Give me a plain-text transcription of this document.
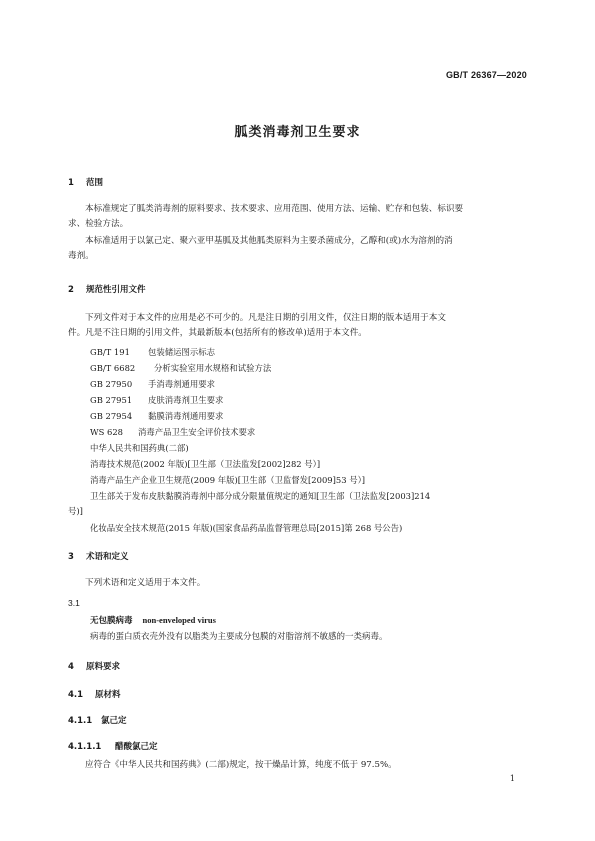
GB/T 26367—2020
胍类消毒剂卫生要求
1 范围
本标准规定了胍类消毒剂的原料要求、技术要求、应用范围、使用方法、运输、贮存和包装、标识要
求、检验方法。
本标准适用于以氯己定、聚六亚甲基胍及其他胍类原料为主要杀菌成分，乙醇和(或)水为溶剂的消
毒剂。
2 规范性引用文件
下列文件对于本文件的应用是必不可少的。凡是注日期的引用文件，仅注日期的版本适用于本文
件。凡是不注日期的引用文件，其最新版本(包括所有的修改单)适用于本文件。
GB/T 191 包装储运图示标志
GB/T 6682 分析实验室用水规格和试验方法
GB 27950 手消毒剂通用要求
GB 27951 皮肤消毒剂卫生要求
GB 27954 黏膜消毒剂通用要求
WS 628 消毒产品卫生安全评价技术要求
中华人民共和国药典(二部)
消毒技术规范(2002 年版)[卫生部（卫法监发[2002]282 号）]
消毒产品生产企业卫生规范(2009 年版)[卫生部（卫监督发[2009]53 号）]
卫生部关于发布皮肤黏膜消毒剂中部分成分限量值规定的通知[卫生部（卫法监发[2003]214
号)]
化妆品安全技术规范(2015 年版)(国家食品药品监督管理总局[2015]第 268 号公告)
3 术语和定义
下列术语和定义适用于本文件。
3.1
无包膜病毒 non-enveloped virus
病毒的蛋白质衣壳外没有以脂类为主要成分包膜的对脂溶剂不敏感的一类病毒。
4 原料要求
4.1 原材料
4.1.1 氯己定
4.1.1.1 醋酸氯己定
应符合《中华人民共和国药典》(二部)规定，按干燥品计算，纯度不低于 97.5%。
1
